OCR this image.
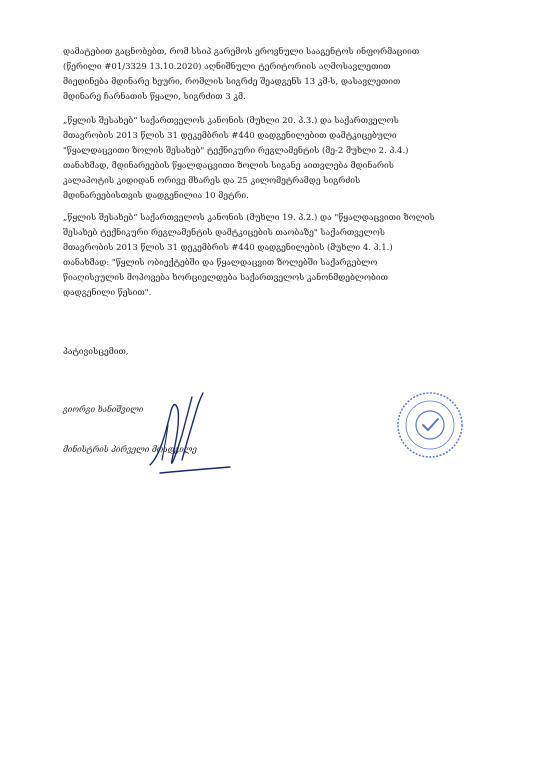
დამატებით გაცნობებთ, რომ სსიპ გარემოს ეროვნული სააგენტოს ინფორმაციით
(წერილი #01/3329 13.10.2020) აღნიშნული ტერიტორიის აღმოსავლეთით
მიედინება მდინარე ხეური, რომლის სიგრძე შეადგენს 13 კმ-ს, დასავლეთით
მდინარე ჩარნათის წყალი, სიგრძით 3 კმ.

„წყლის შესახებ“ საქართველოს კანონის (მუხლი 20. პ.3.) და საქართველოს
მთავრობის 2013 წლის 31 დეკემბრის #440 დადგენილებით დამტკიცებული
"წყალდაცვითი ზოლის შესახებ" ტექნიკური რეგლამენტის (მე-2 მუხლი 2. პ.4.)
თანახმად, მდინარეების წყალდაცვითი ზოლის სიგანე აითვლება მდინარის
კალაპოტის კიდიდან ორივე მხარეს და 25 კილომეტრამდე სიგრძის
მდინარეებისთვის დადგენილია 10 მეტრი.

„წყლის შესახებ“ საქართველოს კანონის (მუხლი 19. პ.2.) და "წყალდაცვითი ზოლის
შესახებ ტექნიკური რეგლამენტის დამტკიცების თაობაზე" საქართველოს
მთავრობის 2013 წლის 31 დეკემბრის #440 დადგენილების (მუხლი 4. პ.1.)
თანახმად: "წყლის ობიექტებში და წყალდაცვით ზოლებში საქარგებლო
წიაღისეულის მოპოვება ხორციელდება საქართველოს კანონმდებლობით
დადგენილი წესით".

პატივისცემით,
გიორგი ხანიშვილი
მინისტრის პირველი მოადგილე
